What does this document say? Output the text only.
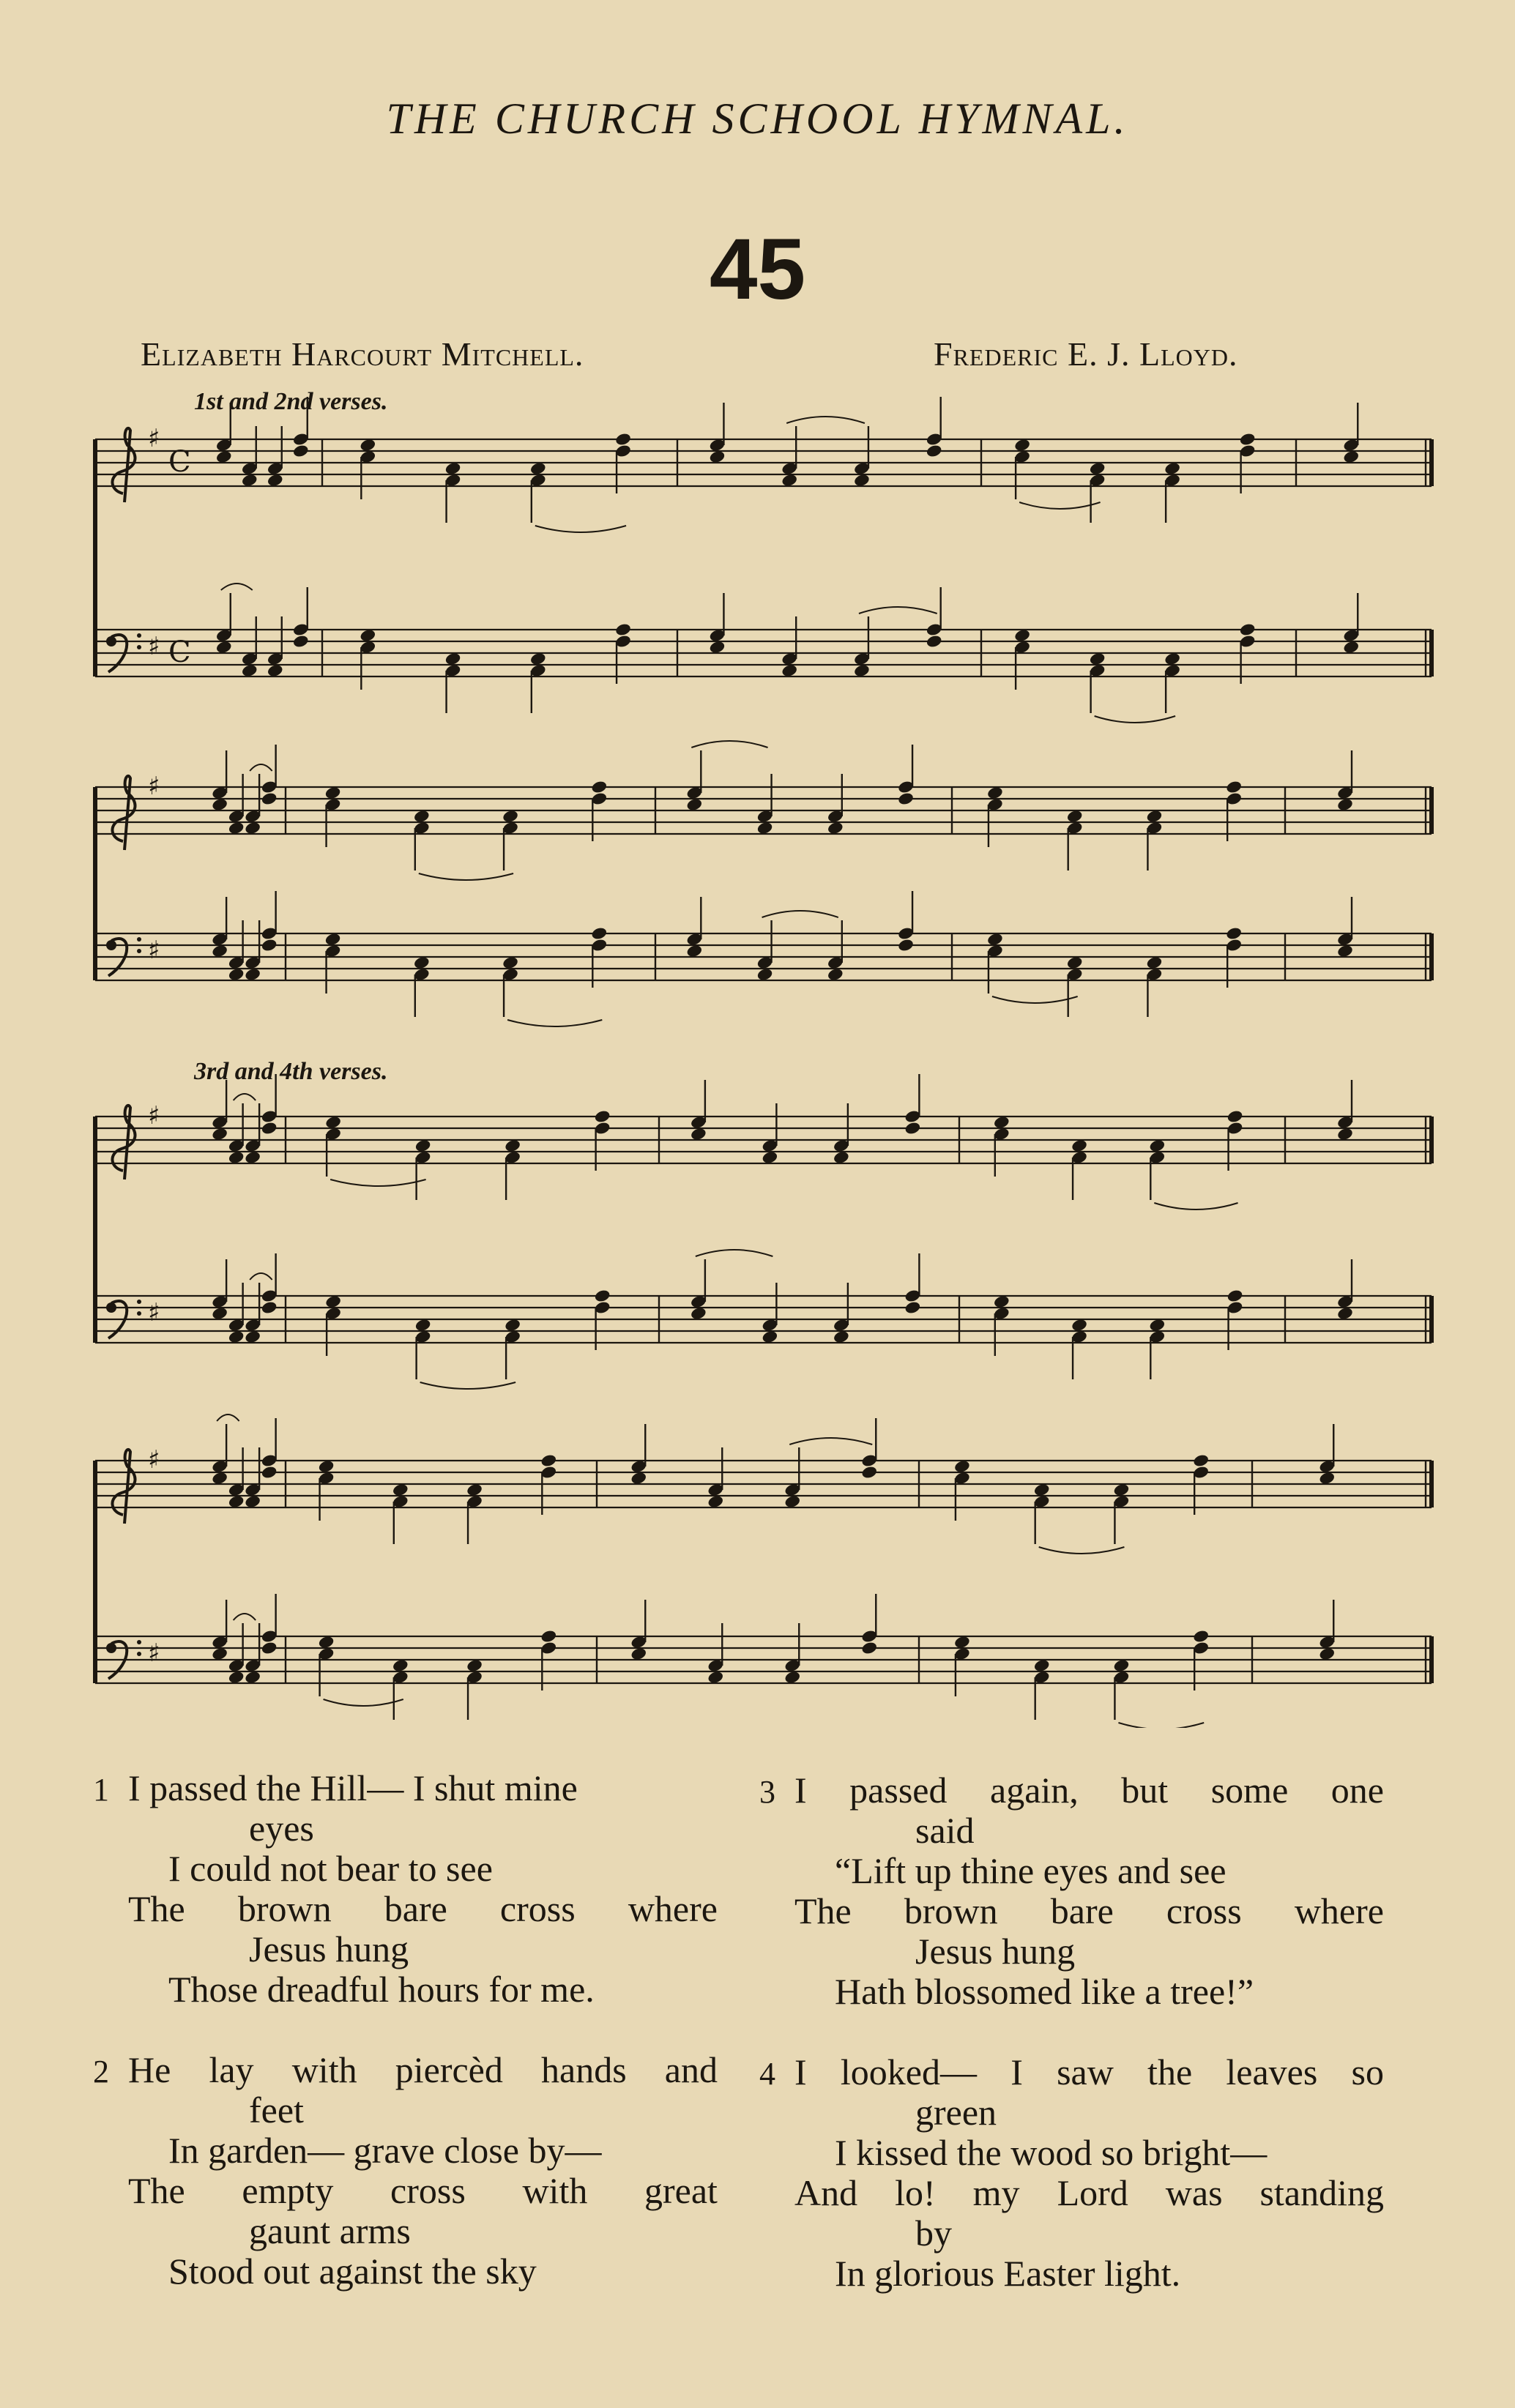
THE CHURCH SCHOOL HYMNAL.
45
Elizabeth Harcourt Mitchell.	Frederic E. J. Lloyd.
1st and 2nd verses.
3rd and 4th verses.
♯
C
♯ C
♯
♯
♯
♯
♯
♯
1 I passed the Hill— I shut mine
eyes
I could not bear to see
The brown bare cross where
Jesus hung
Those dreadful hours for me.
2 He lay with piercèd hands and
feet
In garden— grave close by—
The empty cross with great
gaunt arms
Stood out against the sky
3 I passed again, but some one
said
“Lift up thine eyes and see
The brown bare cross where
Jesus hung
Hath blossomed like a tree!”
4 I looked— I saw the leaves so
green
I kissed the wood so bright—
And lo! my Lord was standing
by
In glorious Easter light.
